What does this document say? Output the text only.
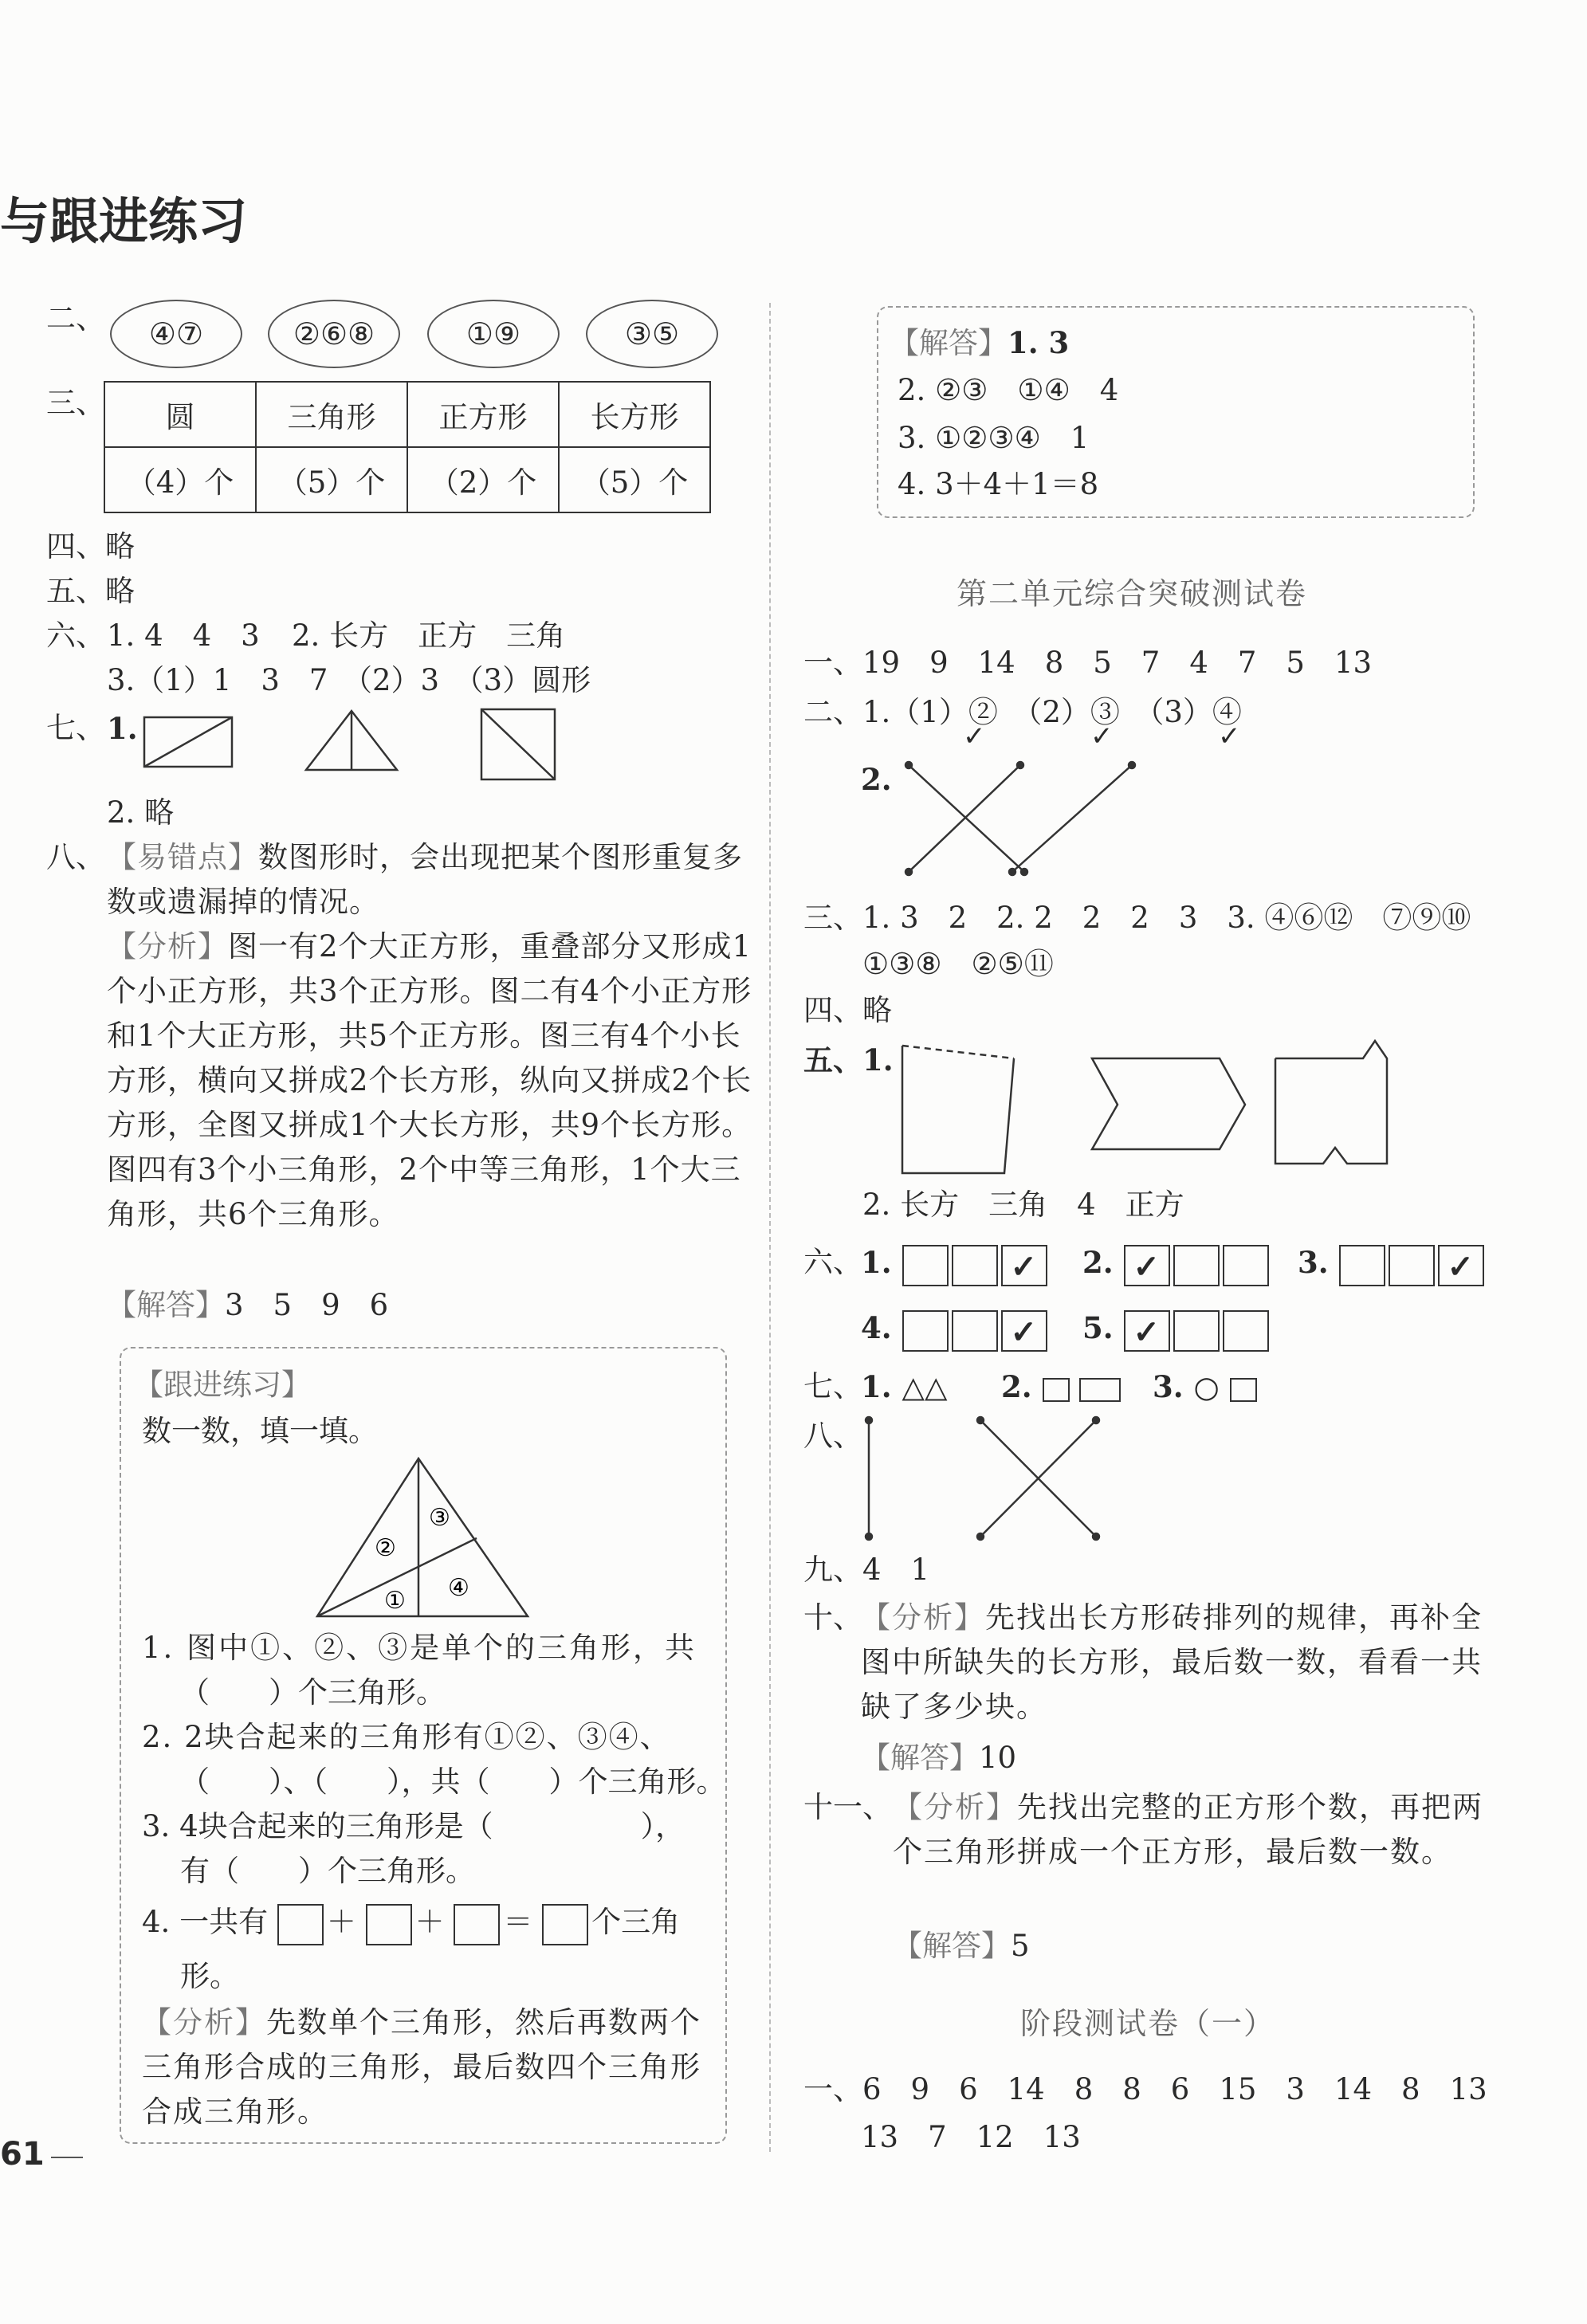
与跟进练习
二、	④⑦	②⑥⑧	①⑨	③⑤
三、 圆	三角形	正方形	长方形
（4）个	（5）个	（2）个	（5）个
四、略
五、略
六、 1. 4　4　3 2. 长方　正方　三角
3.（1）1　3　7　（2）3　（3）圆形
七、 1.
2. 略
八、 【易错点】数图形时，会出现把某个图形重复多数或遗漏掉的情况。
【分析】图一有2个大正方形，重叠部分又形成1个小正方形，共3个正方形。图二有4个小正方形和1个大正方形，共5个正方形。图三有4个小长方形，横向又拼成2个长方形，纵向又拼成2个长方形，全图又拼成1个大长方形，共9个长方形。图四有3个小三角形，2个中等三角形，1个大三角形，共6个三角形。
【解答】3　5　9　6
【跟进练习】
数一数，填一填。
②
③
① ④
1. 图中①、②、③是单个的三角形，共
（　　）个三角形。
2. 2块合起来的三角形有①②、③④、
（　　）、（　　），共（　　）个三角形。
3. 4块合起来的三角形是（　　　　　），
有（　　）个三角形。
4. 一共有 ＋ ＋ ＝ 个三角
形。
【分析】先数单个三角形，然后再数两个三角形合成的三角形，最后数四个三角形合成三角形。
61
【解答】1. 3
2. ②③　①④　4
3. ①②③④　1
4. 3＋4＋1＝8
第二单元综合突破测试卷
一、19　9　14　8　5　7　4　7　5　13
二、1.（1）②　（2）③　（3）④
✓	✓	✓
2.
三、1. 3　2　2. 2　2　2　3　3. ④⑥⑫　⑦⑨⑩
①③⑧　②⑤⑪
四、略
五、1.
2. 长方　三角　4　正方
六、
1. ✓	2. ✓	3. ✓
4. ✓	5. ✓
七、
1. △△ 2.	3. ○
八、
九、4　1
十、
【分析】先找出长方形砖排列的规律，再补全图中所缺失的长方形，最后数一数，看看一共缺了多少块。
【解答】10
十一、 【分析】先找出完整的正方形个数，再把两个三角形拼成一个正方形，最后数一数。
【解答】5
阶段测试卷（一）
一、6　9　6　14　8　8　6　15　3　14　8　13
13　7　12　13
